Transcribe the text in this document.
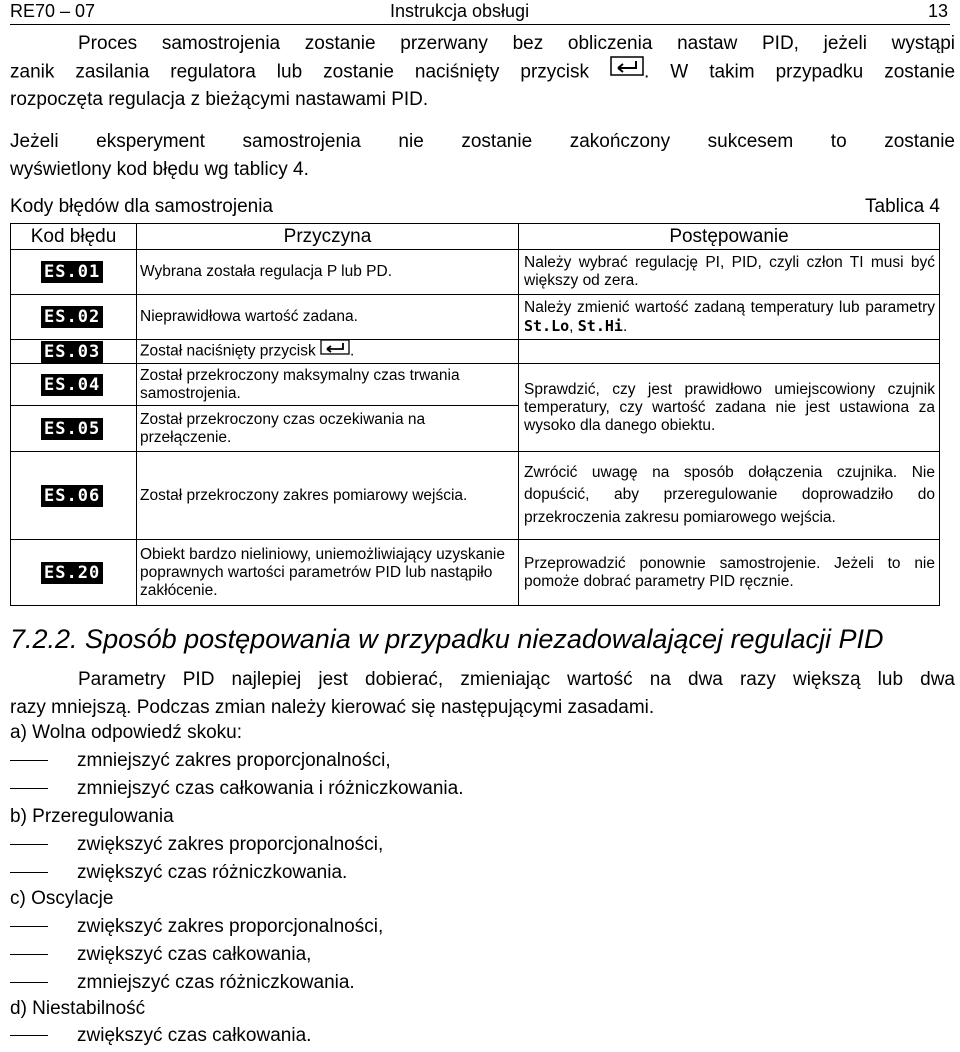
RE70 – 07	Instrukcja obsługi	13
Proces samostrojenia zostanie przerwany bez obliczenia nastaw PID, jeżeli wystąpi
zanik zasilania regulatora lub zostanie naciśnięty przycisk	. W takim przypadku zostanie
rozpoczęta regulacja z bieżącymi nastawami PID.
Jeżeli eksperyment samostrojenia nie zostanie zakończony sukcesem to zostanie
wyświetlony kod błędu wg tablicy 4.
Kody błędów dla samostrojenia	Tablica 4
Kod błędu	Przyczyna	Postępowanie
ES.01	Wybrana została regulacja P lub PD.	Należy wybrać regulację PI, PID, czyli człon TI musi być większy od zera.
ES.02	Nieprawidłowa wartość zadana.	Należy zmienić wartość zadaną temperatury lub parametry St.Lo, St.Hi.
ES.03	Został naciśnięty przycisk .	
ES.04	Został przekroczony maksymalny czas trwania samostrojenia.	Sprawdzić, czy jest prawidłowo umiejscowiony czujnik temperatury, czy wartość zadana nie jest ustawiona za wysoko dla danego obiektu.
ES.05	Został przekroczony czas oczekiwania na przełączenie.	
ES.06	Został przekroczony zakres pomiarowy wejścia.	Zwrócić uwagę na sposób dołączenia czujnika. Nie dopuścić, aby przeregulowanie doprowadziło do przekroczenia zakresu pomiarowego wejścia.
ES.20	Obiekt bardzo nieliniowy, uniemożliwiający uzyskanie poprawnych wartości parametrów PID lub nastąpiło zakłócenie.	Przeprowadzić ponownie samostrojenie. Jeżeli to nie pomoże dobrać parametry PID ręcznie.
7.2.2. Sposób postępowania w przypadku niezadowalającej regulacji PID
Parametry PID najlepiej jest dobierać, zmieniając wartość na dwa razy większą lub dwa
razy mniejszą. Podczas zmian należy kierować się następującymi zasadami.
a) Wolna odpowiedź skoku:
zmniejszyć zakres proporcjonalności,
zmniejszyć czas całkowania i różniczkowania.
b) Przeregulowania
zwiększyć zakres proporcjonalności,
zwiększyć czas różniczkowania.
c) Oscylacje
zwiększyć zakres proporcjonalności,
zwiększyć czas całkowania,
zmniejszyć czas różniczkowania.
d) Niestabilność
zwiększyć czas całkowania.
